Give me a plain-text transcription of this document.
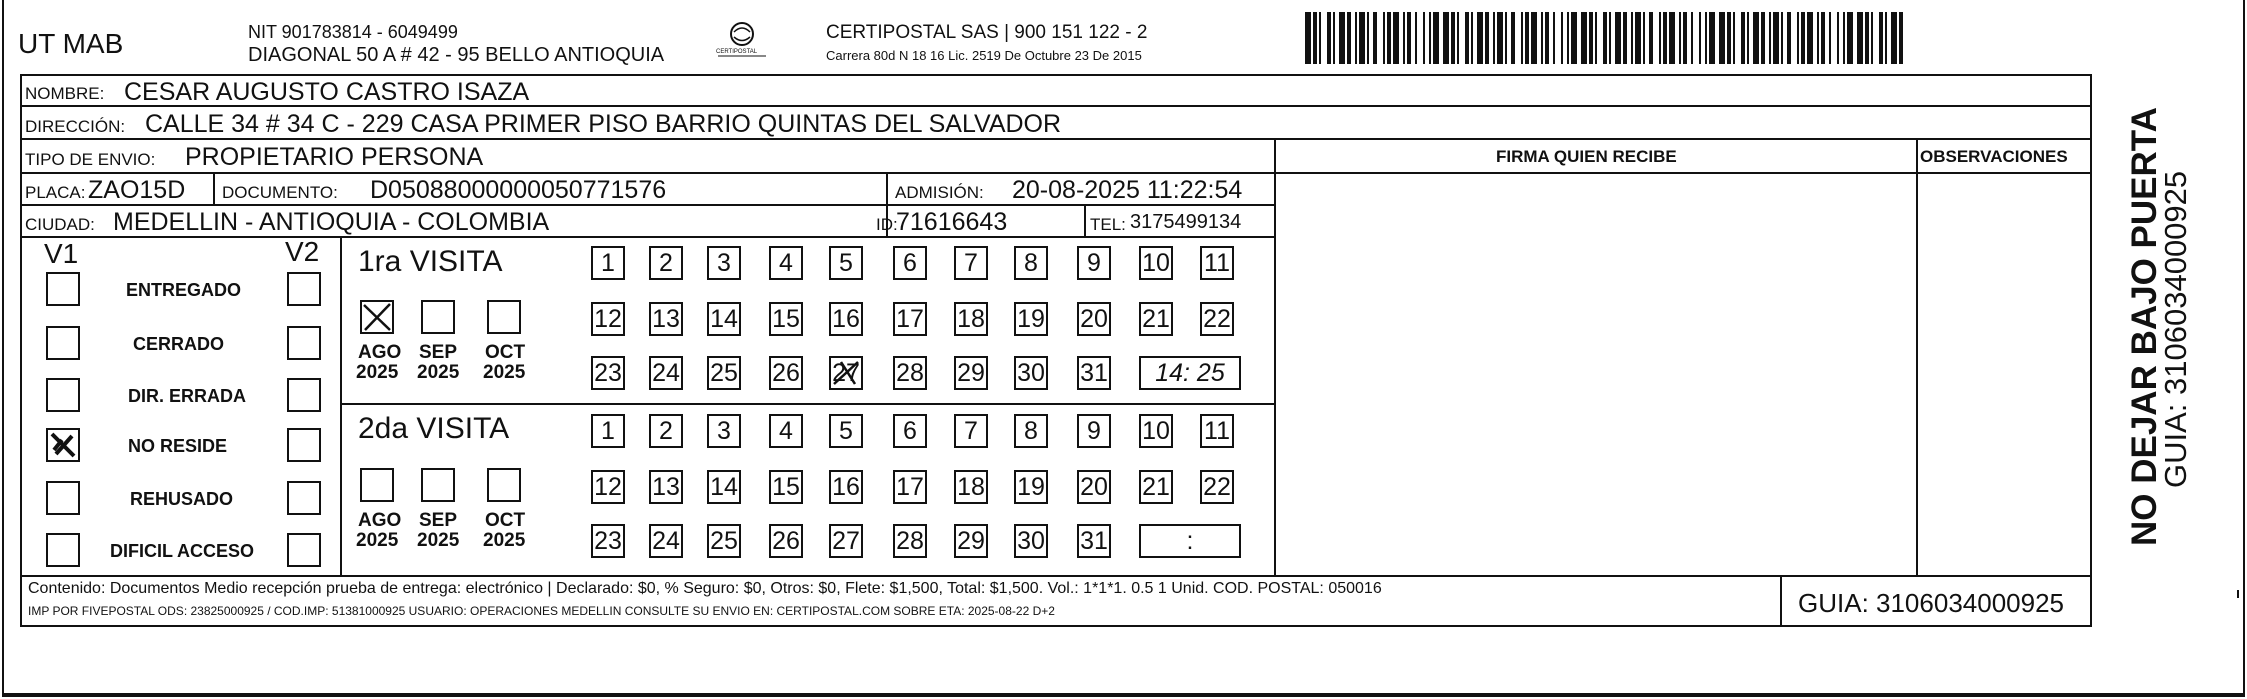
UT MAB	NIT 901783814 - 6049499
DIAGONAL 50 A # 42 - 95 BELLO ANTIOQUIA	CERTIPOSTAL
CERTIPOSTAL SAS | 900 151 122 - 2
Carrera 80d N 18 16 Lic. 2519 De Octubre 23 De 2015
NOMBRE: CESAR AUGUSTO CASTRO ISAZA
DIRECCIÓN: CALLE 34 # 34 C - 229 CASA PRIMER PISO BARRIO QUINTAS DEL SALVADOR
TIPO DE ENVIO: PROPIETARIO PERSONA	FIRMA QUIEN RECIBE	OBSERVACIONES
PLACA: ZAO15D DOCUMENTO: D05088000000050771576	ADMISIÓN: 20-08-2025 11:22:54
CIUDAD: MEDELLIN - ANTIOQUIA - COLOMBIA	ID:
71616643	TEL: 3175499134
V1	V2
ENTREGADO
CERRADO
DIR. ERRADA
NO RESIDE
REHUSADO
DIFICIL ACCESO
1ra VISITA
AGO
2025
SEP
2025
OCT
2025
1	2	3	4	5	6	7	8	9	10 11
12 13 14 15 16 17 18 19 20 21 22
23 24 25 26 27 28 29 30 31	14: 25
2da VISITA
AGO
2025
SEP
2025
OCT
2025
1	2	3	4	5	6	7	8	9	10 11
12 13 14 15 16 17 18 19 20 21 22
23 24 25 26 27 28 29 30 31	:
Contenido: Documentos Medio recepción prueba de entrega: electrónico | Declarado: $0, % Seguro: $0, Otros: $0, Flete: $1,500, Total: $1,500. Vol.: 1*1*1. 0.5 1 Unid. COD. POSTAL: 050016
IMP POR FIVEPOSTAL ODS: 23825000925 / COD.IMP: 51381000925 USUARIO: OPERACIONES MEDELLIN CONSULTE SU ENVIO EN: CERTIPOSTAL.COM SOBRE ETA: 2025-08-22 D+2	GUIA: 3106034000925
NO DEJAR BAJO PUERTA
GUIA: 3106034000925
